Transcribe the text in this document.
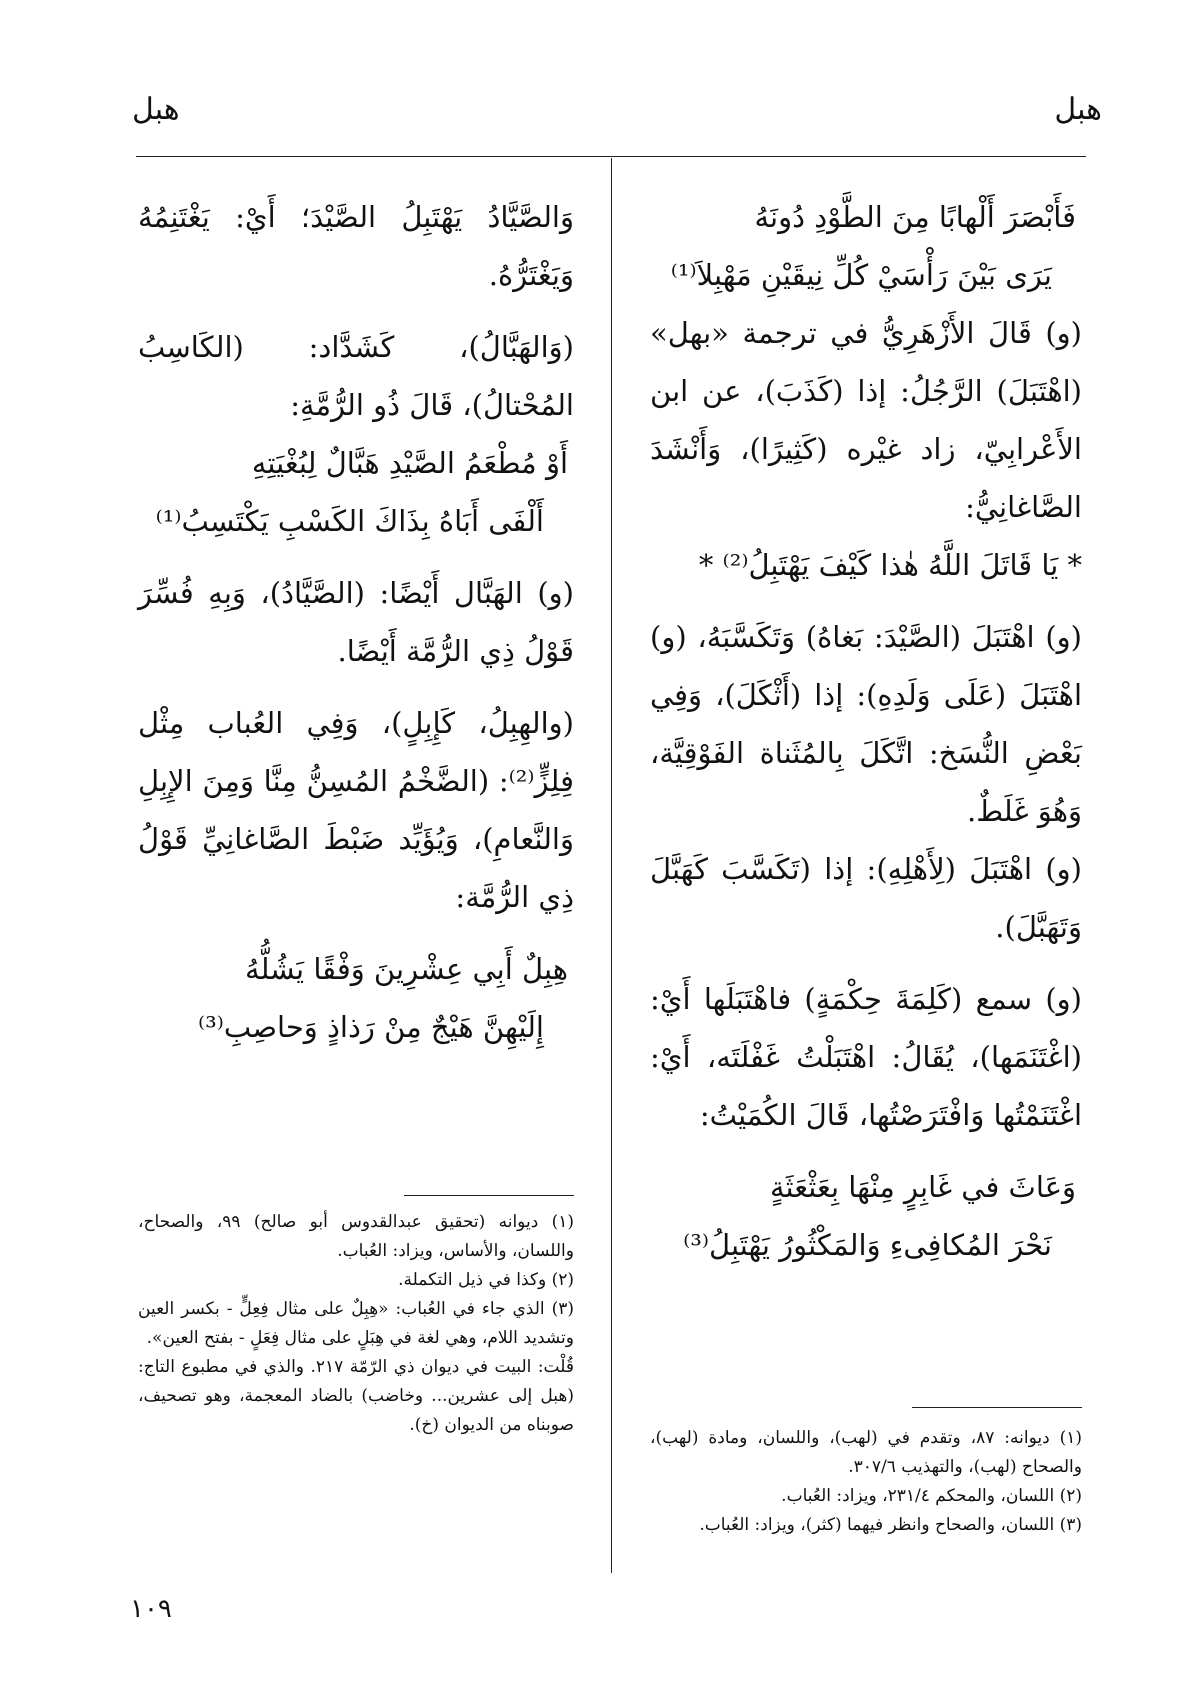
هبل
هبل

فَأَبْصَرَ أَلْهابًا مِنَ الطَّوْدِ دُونَهُ

يَرَى بَيْنَ رَأْسَيْ كُلِّ نِيقَيْنِ مَهْبِلاَ⁽¹⁾

(و) قَالَ الأَزْهَرِيُّ في ترجمة «بهل» (اهْتَبَلَ) الرَّجُلُ: إذا (كَذَبَ)، عن ابن الأَعْرابِيّ، زاد غيْره (كَثِيرًا)، وَأَنْشَدَ الصَّاغانِيُّ:

* يَا قَاتَلَ اللَّهُ هٰذا كَيْفَ يَهْتَبِلُ⁽²⁾ *

(و) اهْتَبَلَ (الصَّيْدَ: بَغاهُ) وَتَكَسَّبَهُ، (و) اهْتَبَلَ (عَلَى وَلَدِهِ): إذا (أَثْكَلَ)، وَفِي بَعْضِ النُّسَخ: اتَّكَلَ بِالمُثَناة الفَوْقِيَّة، وَهُوَ غَلَطٌ.

(و) اهْتَبَلَ (لِأَهْلِهِ): إذا (تَكَسَّبَ كَهَبَّلَ وَتَهَبَّلَ).

(و) سمع (كَلِمَةَ حِكْمَةٍ) فاهْتَبَلَها أَيْ: (اغْتَنَمَها)، يُقَالُ: اهْتَبَلْتُ غَفْلَتَه، أَيْ: اغْتَنَمْتُها وَافْتَرَصْتُها، قَالَ الكُمَيْتُ:

وَعَاثَ في غَابِرٍ مِنْهَا بِعَثْعَثَةٍ

نَحْرَ المُكافِىءِ وَالمَكْثُورُ يَهْتَبِلُ⁽³⁾

وَالصَّيَّادُ يَهْتَبِلُ الصَّيْدَ؛ أَيْ: يَغْتَنِمُهُ وَيَغْتَرُّهُ.

(وَالهَبَّالُ)، كَشَدَّاد: (الكَاسِبُ المُحْتالُ)، قَالَ ذُو الرُّمَّةِ:

أَوْ مُطْعَمُ الصَّيْدِ هَبَّالٌ لِبُغْيَتِهِ

أَلْفَى أَبَاهُ بِذَاكَ الكَسْبِ يَكْتَسِبُ⁽¹⁾

(و) الهَبَّال أَيْضًا: (الصَّيَّادُ)، وَبِهِ فُسِّرَ قَوْلُ ذِي الرُّمَّة أَيْضًا.

(والهِبِلُ، كَإِبِلٍ)، وَفِي العُباب مِثْل فِلِزٍّ⁽²⁾: (الضَّخْمُ المُسِنُّ مِنَّا وَمِنَ الإِبِلِ وَالنَّعامِ)، وَيُؤَيِّد ضَبْطَ الصَّاغانِيِّ قَوْلُ ذِي الرُّمَّة:

هِبِلٌ أَبِي عِشْرِينَ وَفْقًا يَشُلُّهُ

إِلَيْهِنَّ هَيْجٌ مِنْ رَذاذٍ وَحاصِبِ⁽³⁾

(١) ديوانه (تحقيق عبدالقدوس أبو صالح) ٩٩، والصحاح، واللسان، والأساس، ويزاد: العُباب.

(٢) وكذا في ذيل التكملة.

(٣) الذي جاء في العُباب: «هِبِلٌ على مثال فِعِلٍّ - بكسر العين وتشديد اللام، وهي لغة في هِبَلٍ على مثال فِعَلٍ - بفتح العين».

قُلْت: البيت في ديوان ذي الرّمّة ٢١٧. والذي في مطبوع التاج: (هبل إلى عشرين... وخاضب) بالضاد المعجمة، وهو تصحيف، صوبناه من الديوان (خ).

(١) ديوانه: ٨٧، وتقدم في (لهب)، واللسان، ومادة (لهب)، والصحاح (لهب)، والتهذيب ٣٠٧/٦.

(٢) اللسان، والمحكم ٢٣١/٤، ويزاد: العُباب.

(٣) اللسان، والصحاح وانظر فيهما (كثر)، ويزاد: العُباب.

١٠٩
